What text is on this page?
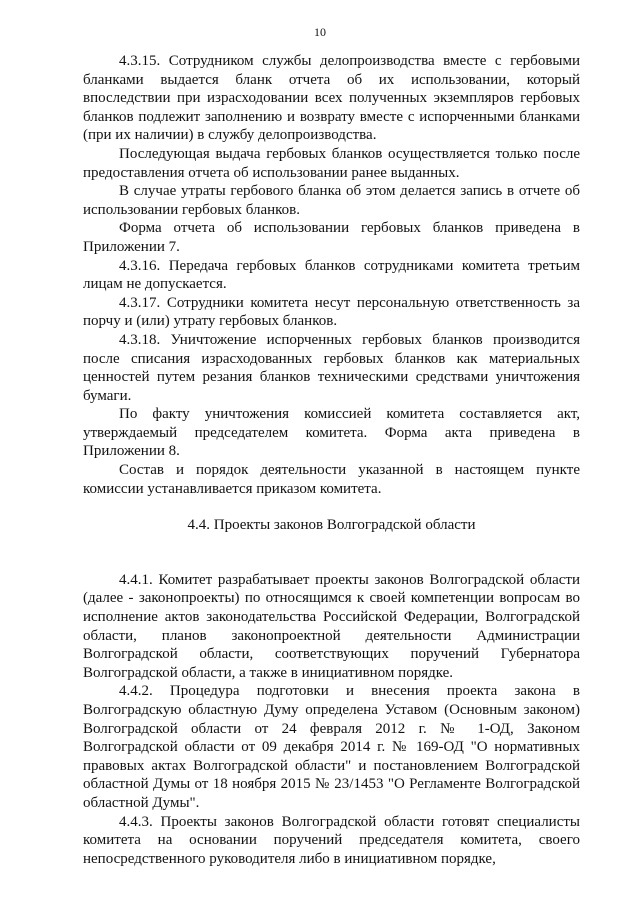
10

4.3.15. Сотрудником службы делопроизводства вместе с гербовыми бланками выдается бланк отчета об их использовании, который впоследствии при израсходовании всех полученных экземпляров гербовых бланков подлежит заполнению и возврату вместе с испорченными бланками (при их наличии) в службу делопроизводства.

Последующая выдача гербовых бланков осуществляется только после предоставления отчета об использовании ранее выданных.

В случае утраты гербового бланка об этом делается запись в отчете об использовании гербовых бланков.

Форма отчета об использовании гербовых бланков приведена в Приложении 7.

4.3.16. Передача гербовых бланков сотрудниками комитета третьим лицам не допускается.

4.3.17. Сотрудники комитета несут персональную ответственность за порчу и (или) утрату гербовых бланков.

4.3.18. Уничтожение испорченных гербовых бланков производится после списания израсходованных гербовых бланков как материальных ценностей путем резания бланков техническими средствами уничтожения бумаги.

По факту уничтожения комиссией комитета составляется акт, утверждаемый председателем комитета. Форма акта приведена в Приложении 8.

Состав и порядок деятельности указанной в настоящем пункте комиссии устанавливается приказом комитета.

4.4. Проекты законов Волгоградской области

4.4.1. Комитет разрабатывает проекты законов Волгоградской области (далее - законопроекты) по относящимся к своей компетенции вопросам во исполнение актов законодательства Российской Федерации, Волгоградской области, планов законопроектной деятельности Администрации Волгоградской области, соответствующих поручений Губернатора Волгоградской области, а также в инициативном порядке.

4.4.2. Процедура подготовки и внесения проекта закона в Волгоградскую областную Думу определена Уставом (Основным законом) Волгоградской области от 24 февраля 2012 г. № 1-ОД, Законом Волгоградской области от 09 декабря 2014 г. № 169-ОД "О нормативных правовых актах Волгоградской области" и постановлением Волгоградской областной Думы от 18 ноября 2015 № 23/1453 "О Регламенте Волгоградской областной Думы".

4.4.3. Проекты законов Волгоградской области готовят специалисты комитета на основании поручений председателя комитета, своего непосредственного руководителя либо в инициативном порядке,
